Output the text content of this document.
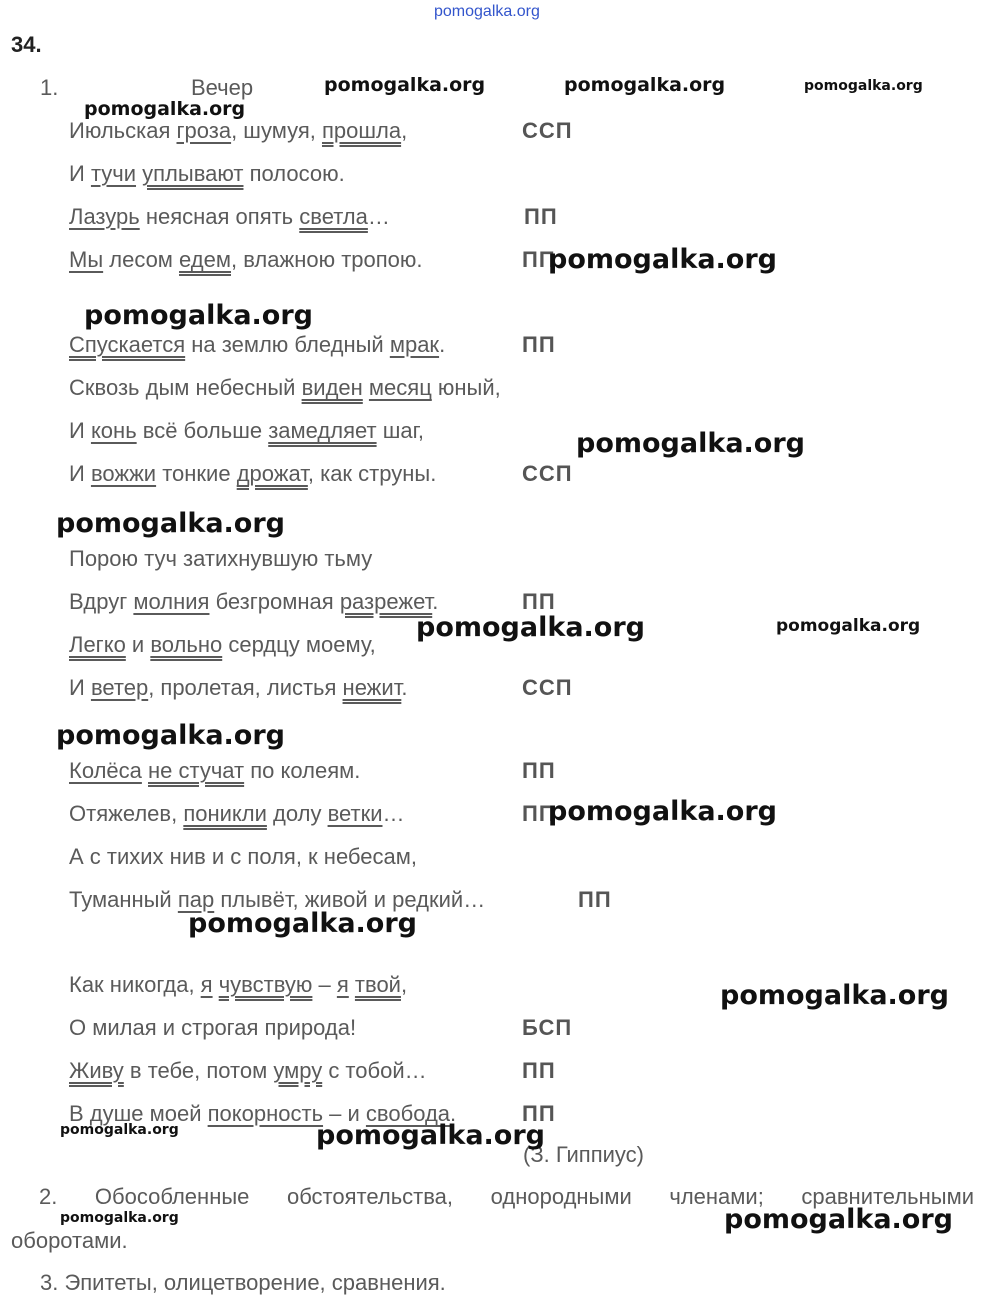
pomogalka.org
34.
1.	Вечер
Июльская гроза, шумуя, прошла,	ССП
И тучи уплывают полосою.
Лазурь неясная опять светла…	ПП
Мы лесом едем, влажною тропою.	ПП
Спускается на землю бледный мрак.	ПП
Сквозь дым небесный виден месяц юный,
И конь всё больше замедляет шаг,
И вожжи тонкие дрожат, как струны.	ССП
Порою туч затихнувшую тьму
Вдруг молния безгромная разрежет.	ПП
Легко и вольно сердцу моему,
И ветер, пролетая, листья нежит.	ССП
Колёса не стучат по колеям.	ПП
Отяжелев, поникли долу ветки…	ПП
А с тихих нив и с поля, к небесам,
Туманный пар плывёт, живой и редкий…	ПП
Как никогда, я чувствую – я твой,
О милая и строгая природа!	БСП
Живу в тебе, потом умру с тобой…	ПП
В душе моей покорность – и свобода.	ПП
(З. Гиппиус)
2. Обособленные обстоятельства, однородными членами; сравнительными
оборотами.
3. Эпитеты, олицетворение, сравнения.
pomogalka.org	pomogalka.org	pomogalka.org
pomogalka.org
pomogalka.org
pomogalka.org
pomogalka.org
pomogalka.org
pomogalka.org	pomogalka.org
pomogalka.org
pomogalka.org
pomogalka.org
pomogalka.org
pomogalka.org	pomogalka.org
pomogalka.org	pomogalka.org
